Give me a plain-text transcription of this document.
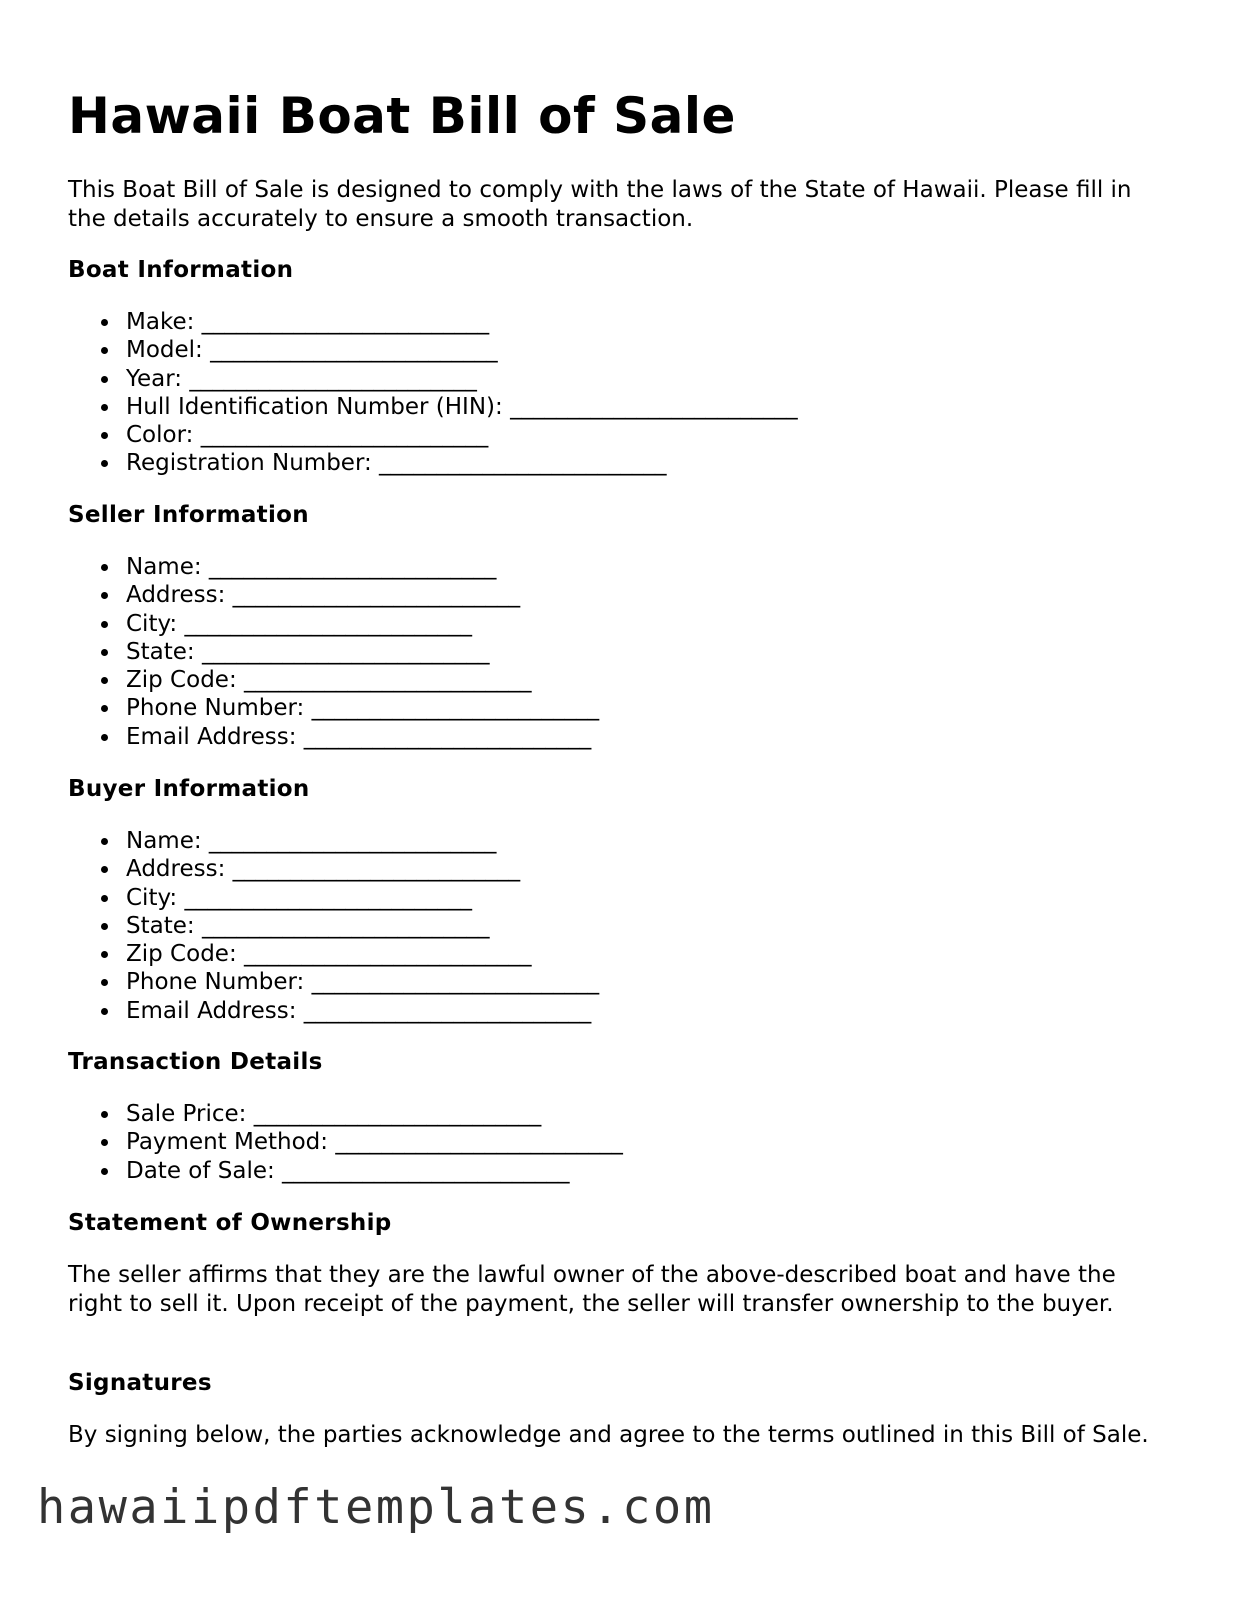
Hawaii Boat Bill of Sale

This Boat Bill of Sale is designed to comply with the laws of the State of Hawaii. Please fill in the details accurately to ensure a smooth transaction.

Boat Information
Make: _________________________
Model: _________________________
Year: _________________________
Hull Identification Number (HIN): _________________________
Color: _________________________
Registration Number: _________________________
Seller Information
Name: _________________________
Address: _________________________
City: _________________________
State: _________________________
Zip Code: _________________________
Phone Number: _________________________
Email Address: _________________________
Buyer Information
Name: _________________________
Address: _________________________
City: _________________________
State: _________________________
Zip Code: _________________________
Phone Number: _________________________
Email Address: _________________________
Transaction Details
Sale Price: _________________________
Payment Method: _________________________
Date of Sale: _________________________
Statement of Ownership

The seller affirms that they are the lawful owner of the above-described boat and have the right to sell it. Upon receipt of the payment, the seller will transfer ownership to the buyer.

Signatures

By signing below, the parties acknowledge and agree to the terms outlined in this Bill of Sale.

hawaiipdftemplates.com
